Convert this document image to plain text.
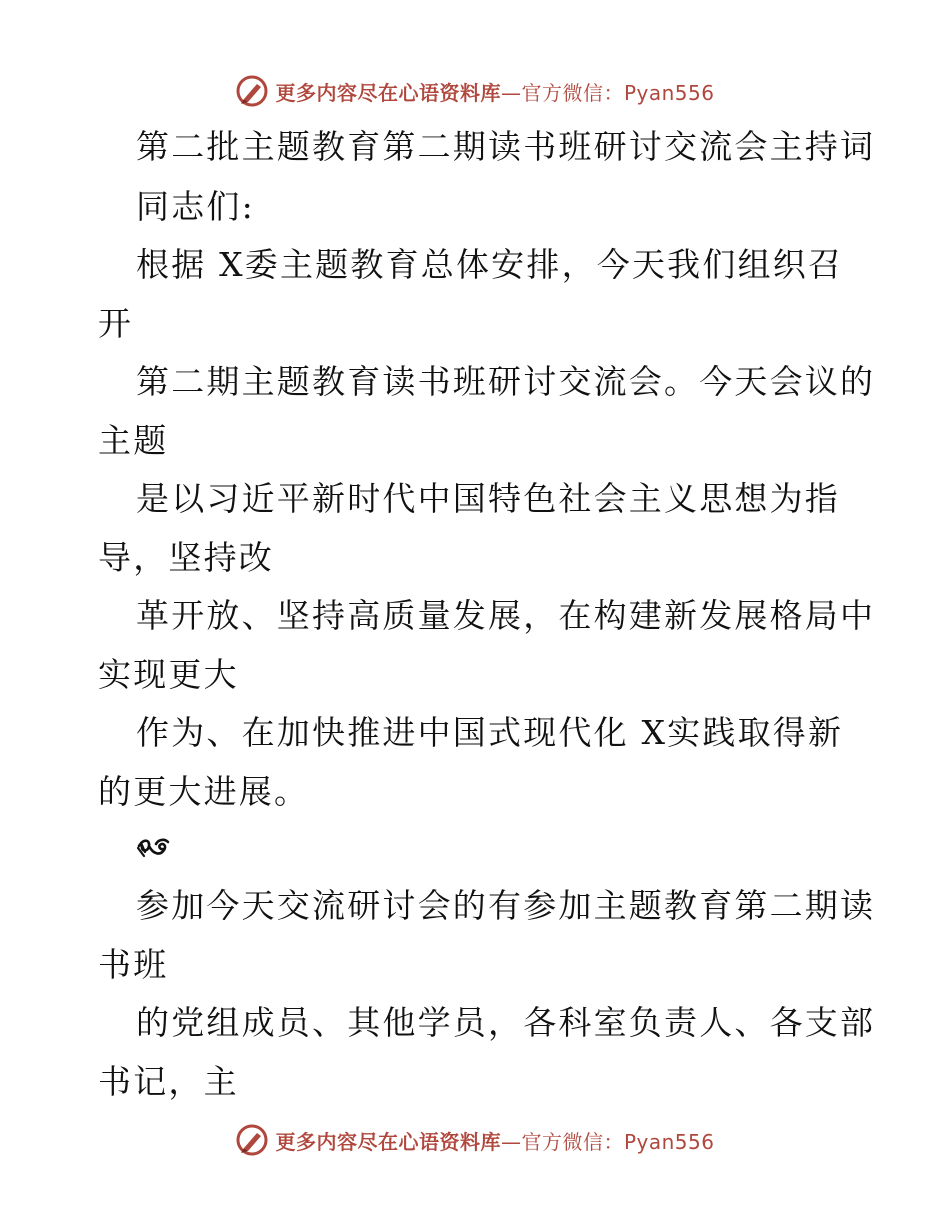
更多内容尽在心语资料库—官方微信：Pyan556
第二批主题教育第二期读书班研讨交流会主持词
同志们:
根据 X委主题教育总体安排，今天我们组织召
开
第二期主题教育读书班研讨交流会。今天会议的
主题
是以习近平新时代中国特色社会主义思想为指
导，坚持改
革开放、坚持高质量发展，在构建新发展格局中
实现更大
作为、在加快推进中国式现代化 X实践取得新
的更大进展。
参加今天交流研讨会的有参加主题教育第二期读
书班
的党组成员、其他学员，各科室负责人、各支部
书记，主
更多内容尽在心语资料库—官方微信：Pyan556
